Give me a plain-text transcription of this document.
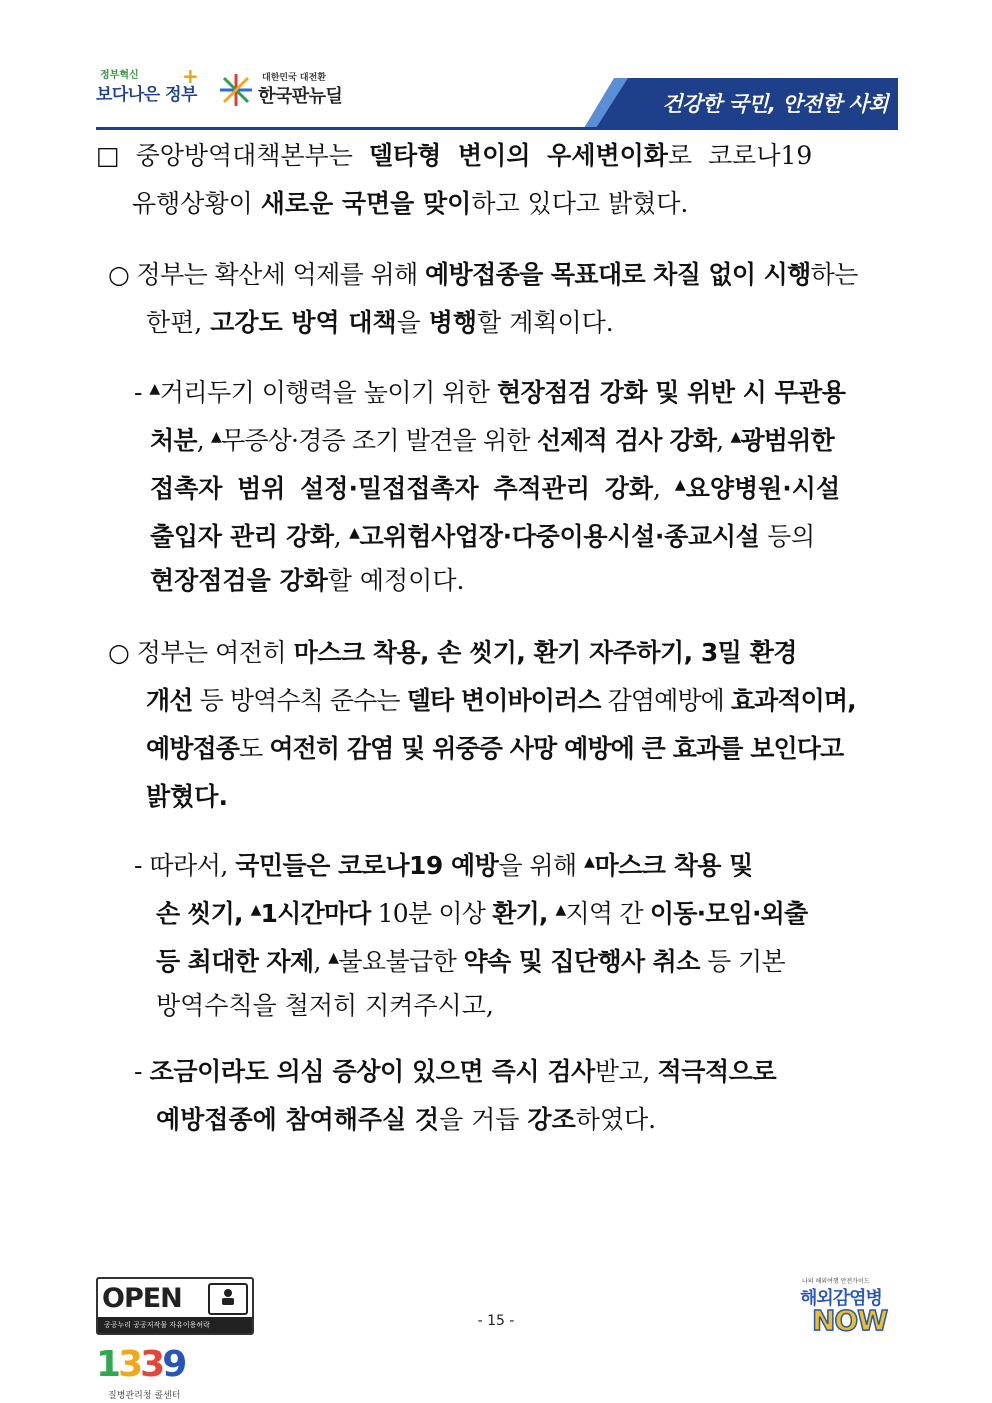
정부혁신
보다나은 정부
+	대한민국 대전환
한국판뉴딜	건강한 국민, 안전한 사회
□ 중앙방역대책본부는 델타형 변이의 우세변이화로 코로나19
유행상황이 새로운 국면을 맞이하고 있다고 밝혔다.
○ 정부는 확산세 억제를 위해 예방접종을 목표대로 차질 없이 시행하는
한편, 고강도 방역 대책을 병행할 계획이다.
- ▲거리두기 이행력을 높이기 위한 현장점검 강화 및 위반 시 무관용
처분, ▲무증상·경증 조기 발견을 위한 선제적 검사 강화, ▲광범위한
접촉자 범위 설정·밀접접촉자 추적관리 강화, ▲요양병원·시설
출입자 관리 강화, ▲고위험사업장·다중이용시설·종교시설 등의
현장점검을 강화할 예정이다.
○ 정부는 여전히 마스크 착용, 손 씻기, 환기 자주하기, 3밀 환경
개선 등 방역수칙 준수는 델타 변이바이러스 감염예방에 효과적이며,
예방접종도 여전히 감염 및 위중증 사망 예방에 큰 효과를 보인다고
밝혔다.
- 따라서, 국민들은 코로나19 예방을 위해 ▲마스크 착용 및
손 씻기, ▲1시간마다 10분 이상 환기, ▲지역 간 이동·모임·외출
등 최대한 자제, ▲불요불급한 약속 및 집단행사 취소 등 기본
방역수칙을 철저히 지켜주시고,
- 조금이라도 의심 증상이 있으면 즉시 검사받고, 적극적으로
예방접종에 참여해주실 것을 거듭 강조하였다.
OPEN
공공누리 공공저작물 자유이용허락
1339
질병관리청 콜센터
- 15 -
나의 해외여행 안전가이드
해외감염병
NOW
